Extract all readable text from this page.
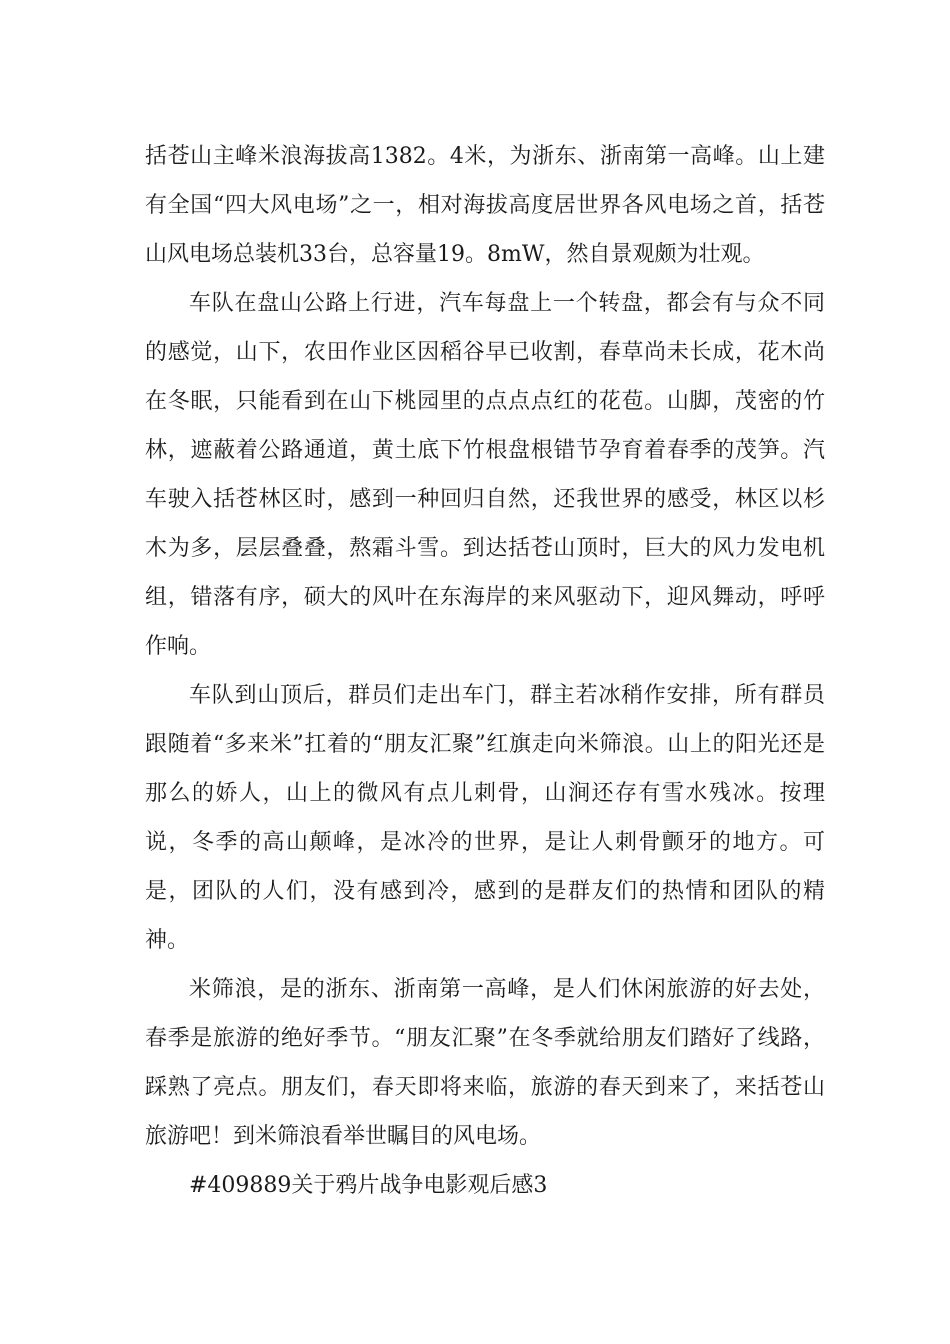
括苍山主峰米浪海拔高1382。4米，为浙东、浙南第一高峰。山上建有全国“四大风电场”之一，相对海拔高度居世界各风电场之首，括苍山风电场总装机33台，总容量19。8mW，然自景观颇为壮观。

车队在盘山公路上行进，汽车每盘上一个转盘，都会有与众不同的感觉，山下，农田作业区因稻谷早已收割，春草尚未长成，花木尚在冬眠，只能看到在山下桃园里的点点点红的花苞。山脚，茂密的竹林，遮蔽着公路通道，黄土底下竹根盘根错节孕育着春季的茂笋。汽车驶入括苍林区时，感到一种回归自然，还我世界的感受，林区以杉木为多，层层叠叠，熬霜斗雪。到达括苍山顶时，巨大的风力发电机组，错落有序，硕大的风叶在东海岸的来风驱动下，迎风舞动，呼呼作响。

车队到山顶后，群员们走出车门，群主若冰稍作安排，所有群员跟随着“多来米”扛着的“朋友汇聚”红旗走向米筛浪。山上的阳光还是那么的娇人，山上的微风有点儿刺骨，山涧还存有雪水残冰。按理说，冬季的高山颠峰，是冰冷的世界，是让人刺骨颤牙的地方。可是，团队的人们，没有感到冷，感到的是群友们的热情和团队的精神。

米筛浪，是的浙东、浙南第一高峰，是人们休闲旅游的好去处，春季是旅游的绝好季节。“朋友汇聚”在冬季就给朋友们踏好了线路，踩熟了亮点。朋友们，春天即将来临，旅游的春天到来了，来括苍山旅游吧！到米筛浪看举世瞩目的风电场。

#409889关于鸦片战争电影观后感3
